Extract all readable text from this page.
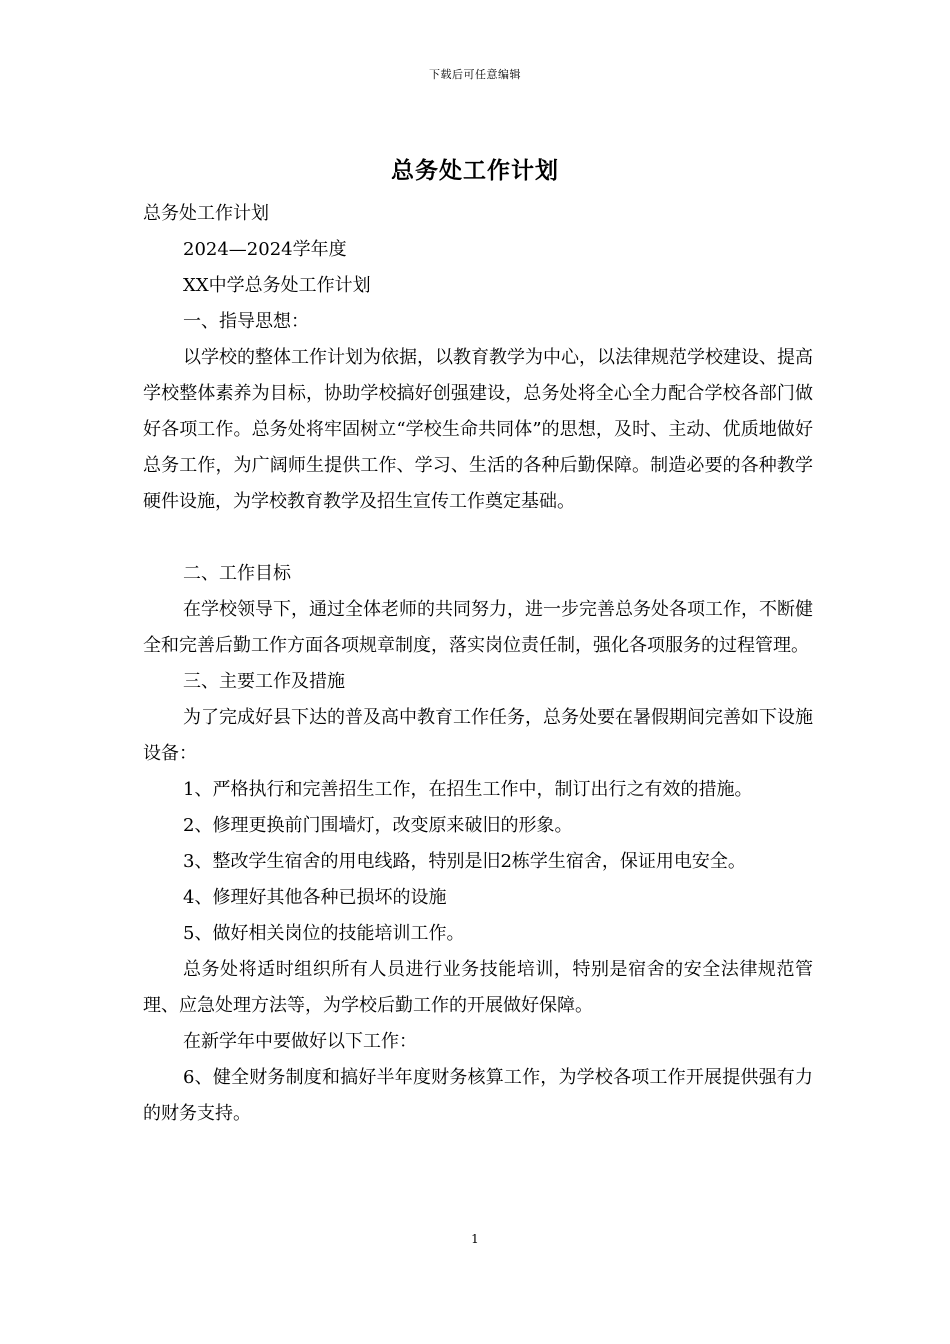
下载后可任意编辑
总务处工作计划

总务处工作计划

2024—2024学年度

XX中学总务处工作计划

一、指导思想：

以学校的整体工作计划为依据，以教育教学为中心，以法律规范学校建设、提高学校整体素养为目标，协助学校搞好创强建设，总务处将全心全力配合学校各部门做好各项工作。总务处将牢固树立“学校生命共同体”的思想，及时、主动、优质地做好总务工作，为广阔师生提供工作、学习、生活的各种后勤保障。制造必要的各种教学硬件设施，为学校教育教学及招生宣传工作奠定基础。

二、工作目标

在学校领导下，通过全体老师的共同努力，进一步完善总务处各项工作，不断健全和完善后勤工作方面各项规章制度，落实岗位责任制，强化各项服务的过程管理。

三、主要工作及措施

为了完成好县下达的普及高中教育工作任务，总务处要在暑假期间完善如下设施设备：

1、严格执行和完善招生工作，在招生工作中，制订出行之有效的措施。

2、修理更换前门围墙灯，改变原来破旧的形象。

3、整改学生宿舍的用电线路，特别是旧2栋学生宿舍，保证用电安全。

4、修理好其他各种已损坏的设施

5、做好相关岗位的技能培训工作。

总务处将适时组织所有人员进行业务技能培训，特别是宿舍的安全法律规范管理、应急处理方法等，为学校后勤工作的开展做好保障。

在新学年中要做好以下工作：

6、健全财务制度和搞好半年度财务核算工作，为学校各项工作开展提供强有力的财务支持。

1
